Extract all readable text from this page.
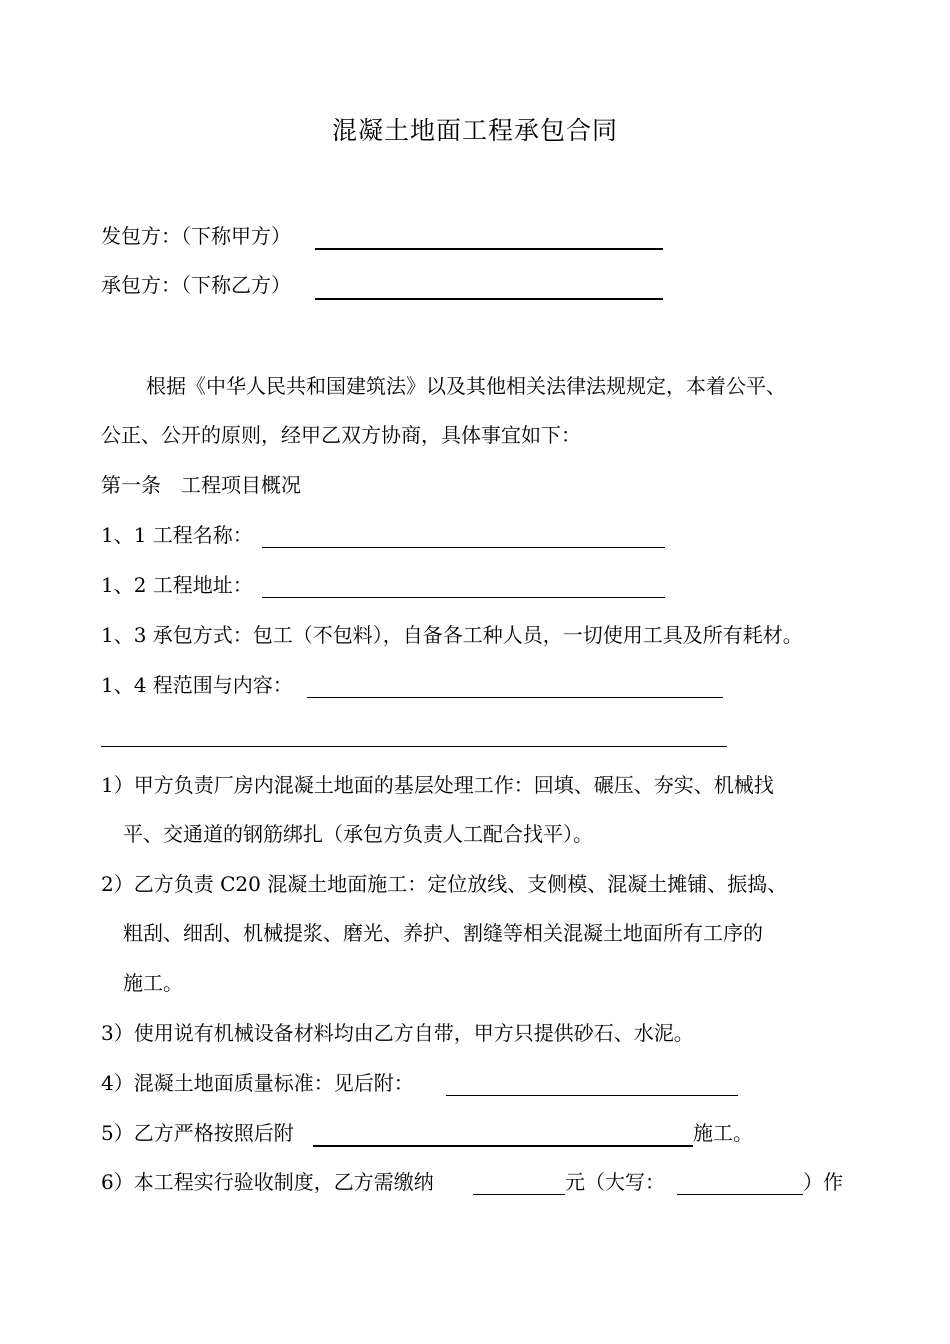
混凝土地面工程承包合同
发包方：（下称甲方）
承包方：（下称乙方）
根据《中华人民共和国建筑法》以及其他相关法律法规规定，本着公平、
公正、公开的原则，经甲乙双方协商，具体事宜如下：
第一条　工程项目概况
1、1 工程名称：
1、2 工程地址：
1、3 承包方式：包工（不包料），自备各工种人员，一切使用工具及所有耗材。
1、4 程范围与内容：
1）甲方负责厂房内混凝土地面的基层处理工作：回填、碾压、夯实、机械找
平、交通道的钢筋绑扎（承包方负责人工配合找平）。
2）乙方负责 C20 混凝土地面施工：定位放线、支侧模、混凝土摊铺、振捣、
粗刮、细刮、机械提浆、磨光、养护、割缝等相关混凝土地面所有工序的
施工。
3）使用说有机械设备材料均由乙方自带，甲方只提供砂石、水泥。
4）混凝土地面质量标准：见后附：
5）乙方严格按照后附	施工。
6）本工程实行验收制度，乙方需缴纳	元（大写：	）作
